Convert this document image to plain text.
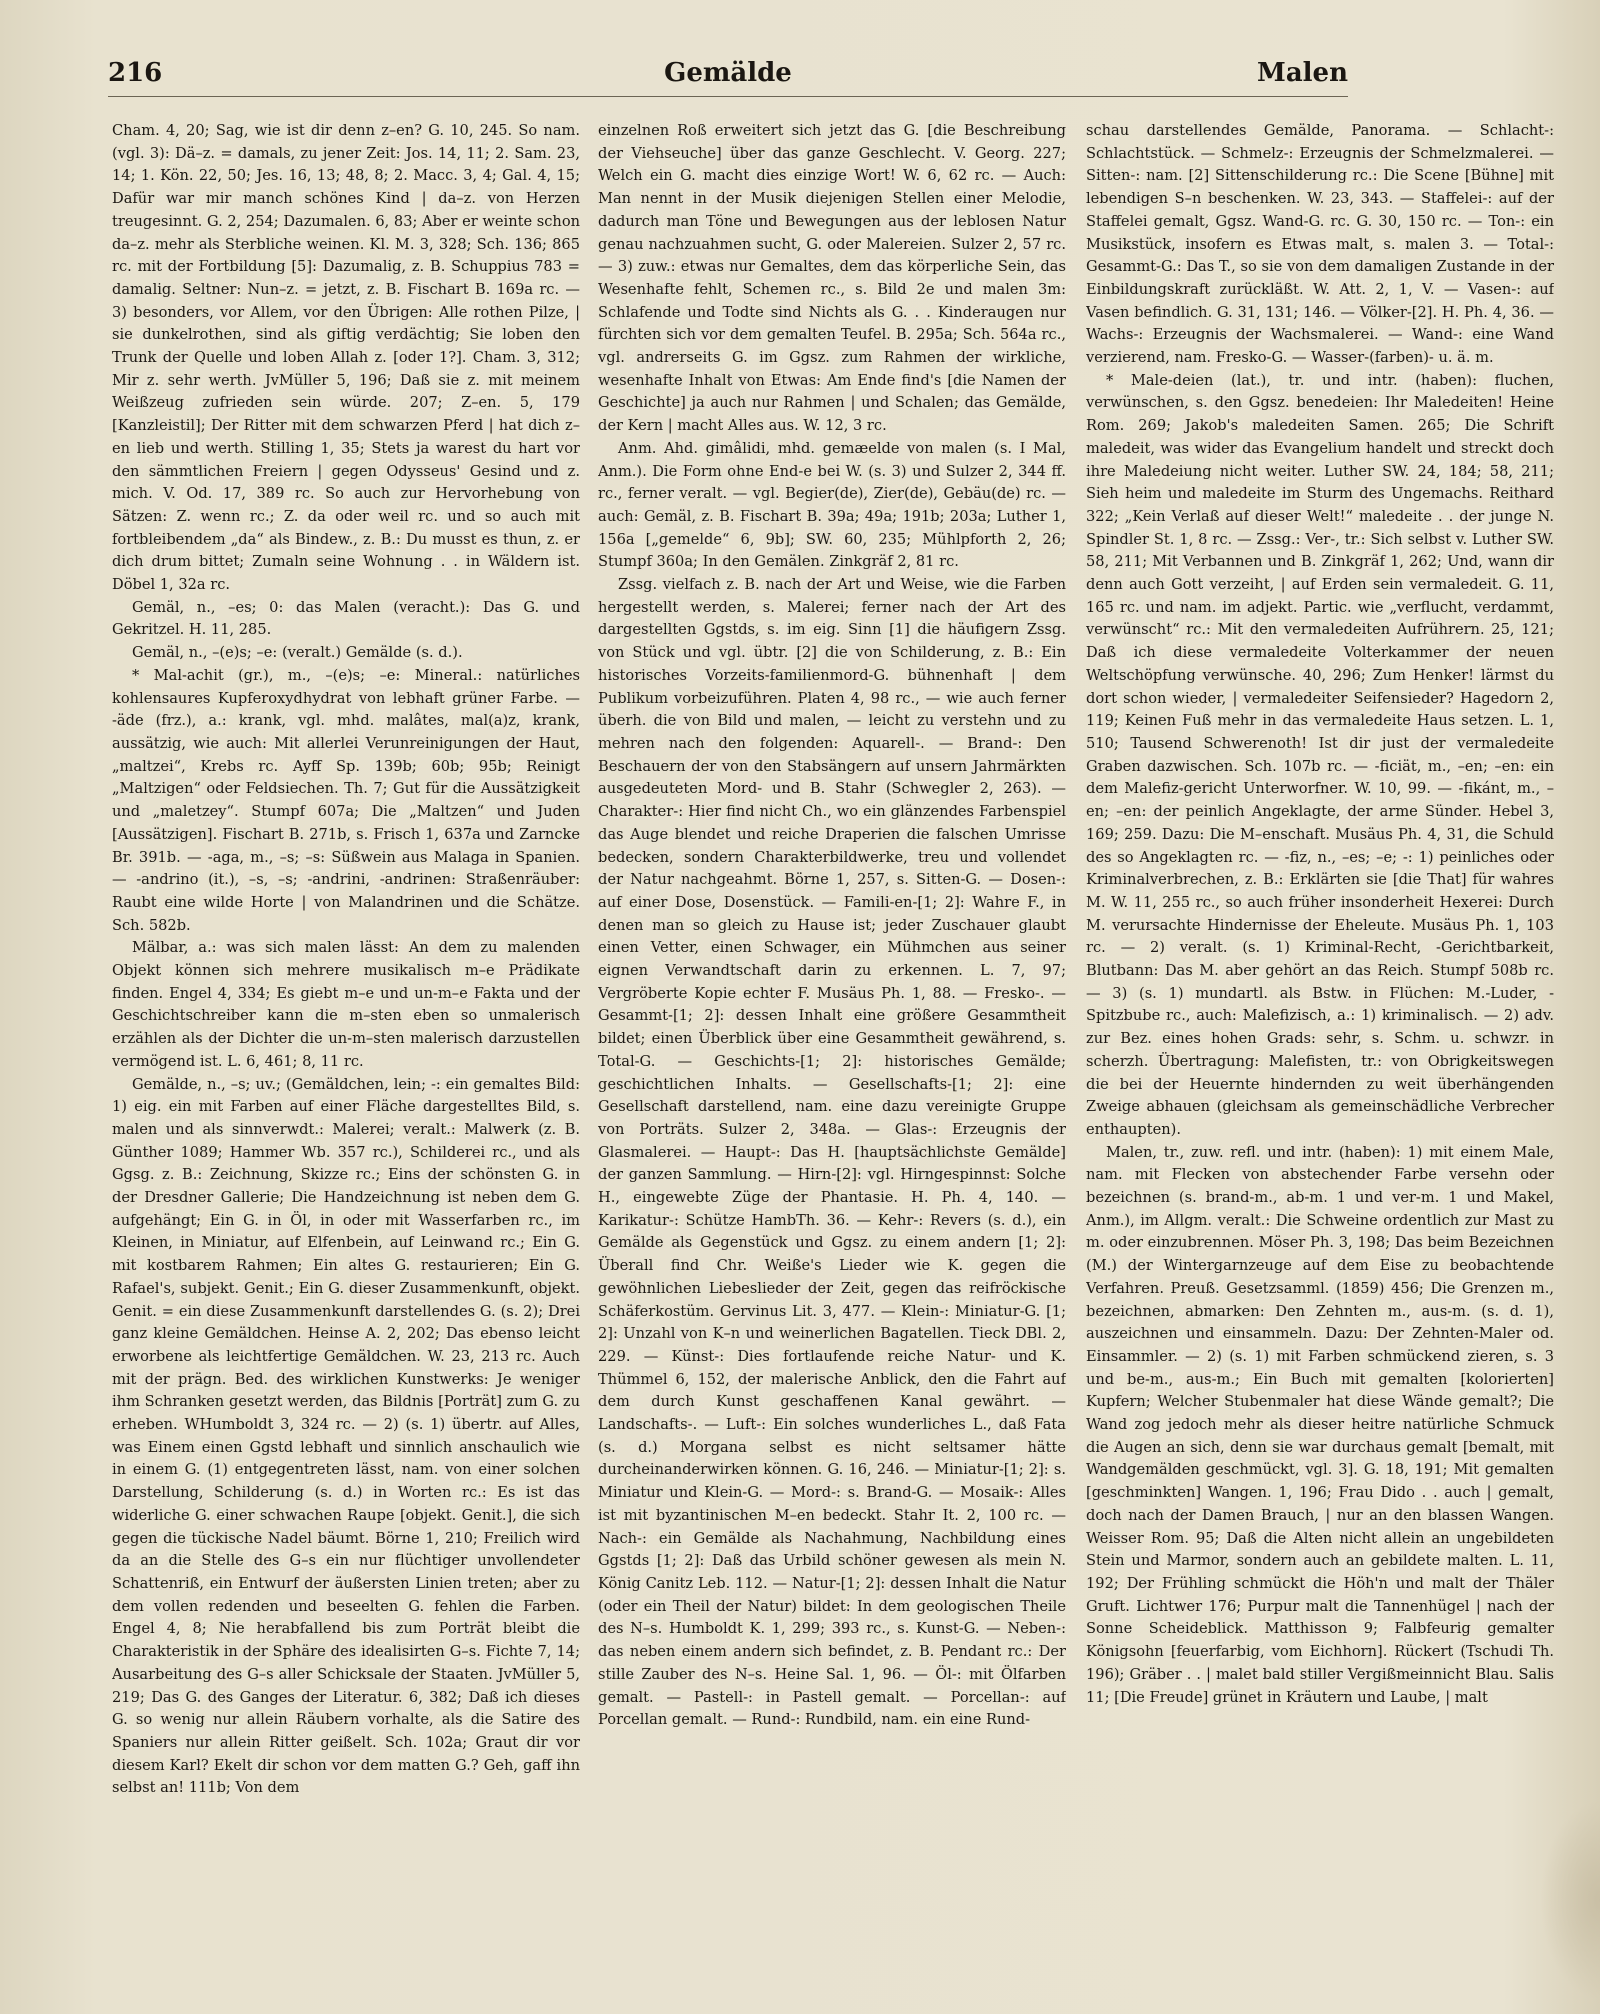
216	Gemälde	Malen

Cham. 4, 20; Sag, wie ist dir denn z–en? G. 10, 245. So nam. (vgl. 3): Dä–z. = damals, zu jener Zeit: Jos. 14, 11; 2. Sam. 23, 14; 1. Kön. 22, 50; Jes. 16, 13; 48, 8; 2. Macc. 3, 4; Gal. 4, 15; Dafür war mir manch schönes Kind | da–z. von Herzen treugesinnt. G. 2, 254; Dazumalen. 6, 83; Aber er weinte schon da–z. mehr als Sterbliche weinen. Kl. M. 3, 328; Sch. 136; 865 rc. mit der Fortbildung [5]: Dazumalig, z. B. Schuppius 783 = damalig. Seltner: Nun–z. = jetzt, z. B. Fischart B. 169a rc. — 3) besonders, vor Allem, vor den Übrigen: Alle rothen Pilze, | sie dunkelrothen, sind als giftig verdächtig; Sie loben den Trunk der Quelle und loben Allah z. [oder 1?]. Cham. 3, 312; Mir z. sehr werth. JvMüller 5, 196; Daß sie z. mit meinem Weißzeug zufrieden sein würde. 207; Z–en. 5, 179 [Kanzleistil]; Der Ritter mit dem schwarzen Pferd | hat dich z–en lieb und werth. Stilling 1, 35; Stets ja warest du hart vor den sämmtlichen Freiern | gegen Odysseus' Gesind und z. mich. V. Od. 17, 389 rc. So auch zur Hervorhebung von Sätzen: Z. wenn rc.; Z. da oder weil rc. und so auch mit fortbleibendem „da“ als Bindew., z. B.: Du musst es thun, z. er dich drum bittet; Zumaln seine Wohnung . . in Wäldern ist. Döbel 1, 32a rc.

Gemäl, n., –es; 0: das Malen (veracht.): Das G. und Gekritzel. H. 11, 285.

Gemäl, n., –(e)s; –e: (veralt.) Gemälde (s. d.).

* Mal-achit (gr.), m., –(e)s; –e: Mineral.: natürliches kohlensaures Kupferoxydhydrat von lebhaft grüner Farbe. — -äde (frz.), a.: krank, vgl. mhd. malâtes, mal(a)z, krank, aussätzig, wie auch: Mit allerlei Verunreinigungen der Haut, „maltzei“, Krebs rc. Ayff Sp. 139b; 60b; 95b; Reinigt „Maltzigen“ oder Feldsiechen. Th. 7; Gut für die Aussätzigkeit und „maletzey“. Stumpf 607a; Die „Maltzen“ und Juden [Aussätzigen]. Fischart B. 271b, s. Frisch 1, 637a und Zarncke Br. 391b. — -aga, m., –s; –s: Süßwein aus Malaga in Spanien. — -andrino (it.), –s, –s; -andrini, -andrinen: Straßenräuber: Raubt eine wilde Horte | von Malandrinen und die Schätze. Sch. 582b.

Mälbar, a.: was sich malen lässt: An dem zu malenden Objekt können sich mehrere musikalisch m–e Prädikate finden. Engel 4, 334; Es giebt m–e und un-m–e Fakta und der Geschichtschreiber kann die m–sten eben so unmalerisch erzählen als der Dichter die un-m–sten malerisch darzustellen vermögend ist. L. 6, 461; 8, 11 rc.

Gemälde, n., –s; uv.; (Gemäldchen, lein; -: ein gemaltes Bild: 1) eig. ein mit Farben auf einer Fläche dargestelltes Bild, s. malen und als sinnverwdt.: Malerei; veralt.: Malwerk (z. B. Günther 1089; Hammer Wb. 357 rc.), Schilderei rc., und als Ggsg. z. B.: Zeichnung, Skizze rc.; Eins der schönsten G. in der Dresdner Gallerie; Die Handzeichnung ist neben dem G. aufgehängt; Ein G. in Öl, in oder mit Wasserfarben rc., im Kleinen, in Miniatur, auf Elfenbein, auf Leinwand rc.; Ein G. mit kostbarem Rahmen; Ein altes G. restaurieren; Ein G. Rafael's, subjekt. Genit.; Ein G. dieser Zusammenkunft, objekt. Genit. = ein diese Zusammenkunft darstellendes G. (s. 2); Drei ganz kleine Gemäldchen. Heinse A. 2, 202; Das ebenso leicht erworbene als leichtfertige Gemäldchen. W. 23, 213 rc. Auch mit der prägn. Bed. des wirklichen Kunstwerks: Je weniger ihm Schranken gesetzt werden, das Bildnis [Porträt] zum G. zu erheben. WHumboldt 3, 324 rc. — 2) (s. 1) übertr. auf Alles, was Einem einen Ggstd lebhaft und sinnlich anschaulich wie in einem G. (1) entgegentreten lässt, nam. von einer solchen Darstellung, Schilderung (s. d.) in Worten rc.: Es ist das widerliche G. einer schwachen Raupe [objekt. Genit.], die sich gegen die tückische Nadel bäumt. Börne 1, 210; Freilich wird da an die Stelle des G–s ein nur flüchtiger unvollendeter Schattenriß, ein Entwurf der äußersten Linien treten; aber zu dem vollen redenden und beseelten G. fehlen die Farben. Engel 4, 8; Nie herabfallend bis zum Porträt bleibt die Charakteristik in der Sphäre des idealisirten G–s. Fichte 7, 14; Ausarbeitung des G–s aller Schicksale der Staaten. JvMüller 5, 219; Das G. des Ganges der Literatur. 6, 382; Daß ich dieses G. so wenig nur allein Räubern vorhalte, als die Satire des Spaniers nur allein Ritter geißelt. Sch. 102a; Graut dir vor diesem Karl? Ekelt dir schon vor dem matten G.? Geh, gaff ihn selbst an! 111b; Von dem

einzelnen Roß erweitert sich jetzt das G. [die Beschreibung der Viehseuche] über das ganze Geschlecht. V. Georg. 227; Welch ein G. macht dies einzige Wort! W. 6, 62 rc. — Auch: Man nennt in der Musik diejenigen Stellen einer Melodie, dadurch man Töne und Bewegungen aus der leblosen Natur genau nachzuahmen sucht, G. oder Malereien. Sulzer 2, 57 rc. — 3) zuw.: etwas nur Gemaltes, dem das körperliche Sein, das Wesenhafte fehlt, Schemen rc., s. Bild 2e und malen 3m: Schlafende und Todte sind Nichts als G. . . Kinderaugen nur fürchten sich vor dem gemalten Teufel. B. 295a; Sch. 564a rc., vgl. andrerseits G. im Ggsz. zum Rahmen der wirkliche, wesenhafte Inhalt von Etwas: Am Ende find's [die Namen der Geschichte] ja auch nur Rahmen | und Schalen; das Gemälde, der Kern | macht Alles aus. W. 12, 3 rc.

Anm. Ahd. gimâlidi, mhd. gemæelde von malen (s. I Mal, Anm.). Die Form ohne End-e bei W. (s. 3) und Sulzer 2, 344 ff. rc., ferner veralt. — vgl. Begier(de), Zier(de), Gebäu(de) rc. — auch: Gemäl, z. B. Fischart B. 39a; 49a; 191b; 203a; Luther 1, 156a [„gemelde“ 6, 9b]; SW. 60, 235; Mühlpforth 2, 26; Stumpf 360a; In den Gemälen. Zinkgräf 2, 81 rc.

Zssg. vielfach z. B. nach der Art und Weise, wie die Farben hergestellt werden, s. Malerei; ferner nach der Art des dargestellten Ggstds, s. im eig. Sinn [1] die häufigern Zssg. von Stück und vgl. übtr. [2] die von Schilderung, z. B.: Ein historisches Vorzeits-familienmord-G. bühnenhaft | dem Publikum vorbeizuführen. Platen 4, 98 rc., — wie auch ferner überh. die von Bild und malen, — leicht zu verstehn und zu mehren nach den folgenden: Aquarell-. — Brand-: Den Beschauern der von den Stabsängern auf unsern Jahrmärkten ausgedeuteten Mord- und B. Stahr (Schwegler 2, 263). — Charakter-: Hier find nicht Ch., wo ein glänzendes Farbenspiel das Auge blendet und reiche Draperien die falschen Umrisse bedecken, sondern Charakterbildwerke, treu und vollendet der Natur nachgeahmt. Börne 1, 257, s. Sitten-G. — Dosen-: auf einer Dose, Dosenstück. — Famili-en-[1; 2]: Wahre F., in denen man so gleich zu Hause ist; jeder Zuschauer glaubt einen Vetter, einen Schwager, ein Mühmchen aus seiner eignen Verwandtschaft darin zu erkennen. L. 7, 97; Vergröberte Kopie echter F. Musäus Ph. 1, 88. — Fresko-. — Gesammt-[1; 2]: dessen Inhalt eine größere Gesammtheit bildet; einen Überblick über eine Gesammtheit gewährend, s. Total-G. — Geschichts-[1; 2]: historisches Gemälde; geschichtlichen Inhalts. — Gesellschafts-[1; 2]: eine Gesellschaft darstellend, nam. eine dazu vereinigte Gruppe von Porträts. Sulzer 2, 348a. — Glas-: Erzeugnis der Glasmalerei. — Haupt-: Das H. [hauptsächlichste Gemälde] der ganzen Sammlung. — Hirn-[2]: vgl. Hirngespinnst: Solche H., eingewebte Züge der Phantasie. H. Ph. 4, 140. — Karikatur-: Schütze HambTh. 36. — Kehr-: Revers (s. d.), ein Gemälde als Gegenstück und Ggsz. zu einem andern [1; 2]: Überall find Chr. Weiße's Lieder wie K. gegen die gewöhnlichen Liebeslieder der Zeit, gegen das reifröckische Schäferkostüm. Gervinus Lit. 3, 477. — Klein-: Miniatur-G. [1; 2]: Unzahl von K–n und weinerlichen Bagatellen. Tieck DBl. 2, 229. — Künst-: Dies fortlaufende reiche Natur- und K. Thümmel 6, 152, der malerische Anblick, den die Fahrt auf dem durch Kunst geschaffenen Kanal gewährt. — Landschafts-. — Luft-: Ein solches wunderliches L., daß Fata (s. d.) Morgana selbst es nicht seltsamer hätte durcheinanderwirken können. G. 16, 246. — Miniatur-[1; 2]: s. Miniatur und Klein-G. — Mord-: s. Brand-G. — Mosaik-: Alles ist mit byzantinischen M–en bedeckt. Stahr It. 2, 100 rc. — Nach-: ein Gemälde als Nachahmung, Nachbildung eines Ggstds [1; 2]: Daß das Urbild schöner gewesen als mein N. König Canitz Leb. 112. — Natur-[1; 2]: dessen Inhalt die Natur (oder ein Theil der Natur) bildet: In dem geologischen Theile des N–s. Humboldt K. 1, 299; 393 rc., s. Kunst-G. — Neben-: das neben einem andern sich befindet, z. B. Pendant rc.: Der stille Zauber des N–s. Heine Sal. 1, 96. — Öl-: mit Ölfarben gemalt. — Pastell-: in Pastell gemalt. — Porcellan-: auf Porcellan gemalt. — Rund-: Rundbild, nam. ein eine Rund-

schau darstellendes Gemälde, Panorama. — Schlacht-: Schlachtstück. — Schmelz-: Erzeugnis der Schmelzmalerei. — Sitten-: nam. [2] Sittenschilderung rc.: Die Scene [Bühne] mit lebendigen S–n beschenken. W. 23, 343. — Staffelei-: auf der Staffelei gemalt, Ggsz. Wand-G. rc. G. 30, 150 rc. — Ton-: ein Musikstück, insofern es Etwas malt, s. malen 3. — Total-: Gesammt-G.: Das T., so sie von dem damaligen Zustande in der Einbildungskraft zurückläßt. W. Att. 2, 1, V. — Vasen-: auf Vasen befindlich. G. 31, 131; 146. — Völker-[2]. H. Ph. 4, 36. — Wachs-: Erzeugnis der Wachsmalerei. — Wand-: eine Wand verzierend, nam. Fresko-G. — Wasser-(farben)- u. ä. m.

* Male-deien (lat.), tr. und intr. (haben): fluchen, verwünschen, s. den Ggsz. benedeien: Ihr Maledeiten! Heine Rom. 269; Jakob's maledeiten Samen. 265; Die Schrift maledeit, was wider das Evangelium handelt und streckt doch ihre Maledeiung nicht weiter. Luther SW. 24, 184; 58, 211; Sieh heim und maledeite im Sturm des Ungemachs. Reithard 322; „Kein Verlaß auf dieser Welt!“ maledeite . . der junge N. Spindler St. 1, 8 rc. — Zssg.: Ver-, tr.: Sich selbst v. Luther SW. 58, 211; Mit Verbannen und B. Zinkgräf 1, 262; Und, wann dir denn auch Gott verzeiht, | auf Erden sein vermaledeit. G. 11, 165 rc. und nam. im adjekt. Partic. wie „verflucht, verdammt, verwünscht“ rc.: Mit den vermaledeiten Aufrührern. 25, 121; Daß ich diese vermaledeite Volterkammer der neuen Weltschöpfung verwünsche. 40, 296; Zum Henker! lärmst du dort schon wieder, | vermaledeiter Seifensieder? Hagedorn 2, 119; Keinen Fuß mehr in das vermaledeite Haus setzen. L. 1, 510; Tausend Schwerenoth! Ist dir just der vermaledeite Graben dazwischen. Sch. 107b rc. — -ficiät, m., –en; –en: ein dem Malefiz-gericht Unterworfner. W. 10, 99. — -fikánt, m., –en; –en: der peinlich Angeklagte, der arme Sünder. Hebel 3, 169; 259. Dazu: Die M–enschaft. Musäus Ph. 4, 31, die Schuld des so Angeklagten rc. — -fiz, n., –es; –e; -: 1) peinliches oder Kriminalverbrechen, z. B.: Erklärten sie [die That] für wahres M. W. 11, 255 rc., so auch früher insonderheit Hexerei: Durch M. verursachte Hindernisse der Eheleute. Musäus Ph. 1, 103 rc. — 2) veralt. (s. 1) Kriminal-Recht, -Gerichtbarkeit, Blutbann: Das M. aber gehört an das Reich. Stumpf 508b rc. — 3) (s. 1) mundartl. als Bstw. in Flüchen: M.-Luder, -Spitzbube rc., auch: Malefizisch, a.: 1) kriminalisch. — 2) adv. zur Bez. eines hohen Grads: sehr, s. Schm. u. schwzr. in scherzh. Übertragung: Malefisten, tr.: von Obrigkeitswegen die bei der Heuernte hindernden zu weit überhängenden Zweige abhauen (gleichsam als gemeinschädliche Verbrecher enthaupten).

Malen, tr., zuw. refl. und intr. (haben): 1) mit einem Male, nam. mit Flecken von abstechender Farbe versehn oder bezeichnen (s. brand-m., ab-m. 1 und ver-m. 1 und Makel, Anm.), im Allgm. veralt.: Die Schweine ordentlich zur Mast zu m. oder einzubrennen. Möser Ph. 3, 198; Das beim Bezeichnen (M.) der Wintergarnzeuge auf dem Eise zu beobachtende Verfahren. Preuß. Gesetzsamml. (1859) 456; Die Grenzen m., bezeichnen, abmarken: Den Zehnten m., aus-m. (s. d. 1), auszeichnen und einsammeln. Dazu: Der Zehnten-Maler od. Einsammler. — 2) (s. 1) mit Farben schmückend zieren, s. 3 und be-m., aus-m.; Ein Buch mit gemalten [kolorierten] Kupfern; Welcher Stubenmaler hat diese Wände gemalt?; Die Wand zog jedoch mehr als dieser heitre natürliche Schmuck die Augen an sich, denn sie war durchaus gemalt [bemalt, mit Wandgemälden geschmückt, vgl. 3]. G. 18, 191; Mit gemalten [geschminkten] Wangen. 1, 196; Frau Dido . . auch | gemalt, doch nach der Damen Brauch, | nur an den blassen Wangen. Weisser Rom. 95; Daß die Alten nicht allein an ungebildeten Stein und Marmor, sondern auch an gebildete malten. L. 11, 192; Der Frühling schmückt die Höh'n und malt der Thäler Gruft. Lichtwer 176; Purpur malt die Tannenhügel | nach der Sonne Scheideblick. Matthisson 9; Falbfeurig gemalter Königsohn [feuerfarbig, vom Eichhorn]. Rückert (Tschudi Th. 196); Gräber . . | malet bald stiller Vergißmeinnicht Blau. Salis 11; [Die Freude] grünet in Kräutern und Laube, | malt
